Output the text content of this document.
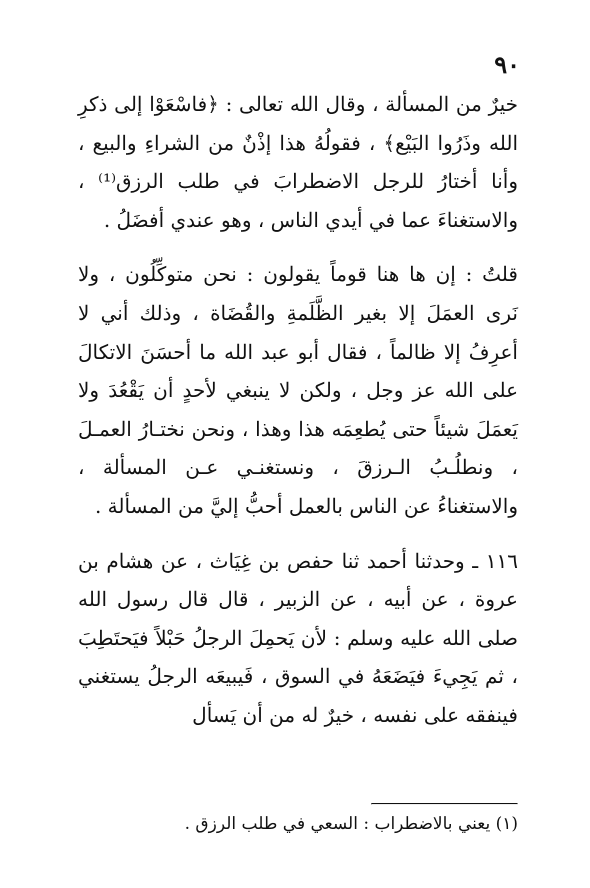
٩٠

خيرٌ من المسألة ، وقال الله تعالى : ﴿فاسْعَوْا إلى ذكرِ الله وذَرُوا البَيْع﴾ ، فقولُهُ هذا إذْنٌ من الشراءِ والبيع ، وأنا أختارُ للرجل الاضطرابَ في طلب الرزق⁽¹⁾ ، والاستغناءَ عما في أيدي الناس ، وهو عندي أفضَلُ .

قلتُ : إن ها هنا قوماً يقولون : نحن متوكِّلُون ، ولا نَرى العمَلَ إلا بغير الظَّلَمةِ والقُضَاة ، وذلك أني لا أعرِفُ إلا ظالماً ، فقال أبو عبد الله ما أحسَنَ الاتكالَ على الله عز وجل ، ولكن لا ينبغي لأحدٍ أن يَقْعُدَ ولا يَعمَلَ شيئاً حتى يُطعِمَه هذا وهذا ، ونحن نختـارُ العمـلَ ، ونطلُـبُ الـرزقَ ، ونستغنـي عـن المسألة ، والاستغناءُ عن الناس بالعمل أحبُّ إليَّ من المسألة .

١١٦ ـ وحدثنا أحمد ثنا حفص بن غِيَاث ، عن هشام بن عروة ، عن أبيه ، عن الزبير ، قال قال رسول الله صلى الله عليه وسلم : لأن يَحمِلَ الرجلُ حَبْلاً فيَحتَطِبَ ، ثم يَجِيءَ فيَضَعَهُ في السوق ، فَيبيعَه الرجلُ يستغني فينفقه على نفسه ، خيرٌ له من أن يَسأل

(١) يعني بالاضطراب : السعي في طلب الرزق .
